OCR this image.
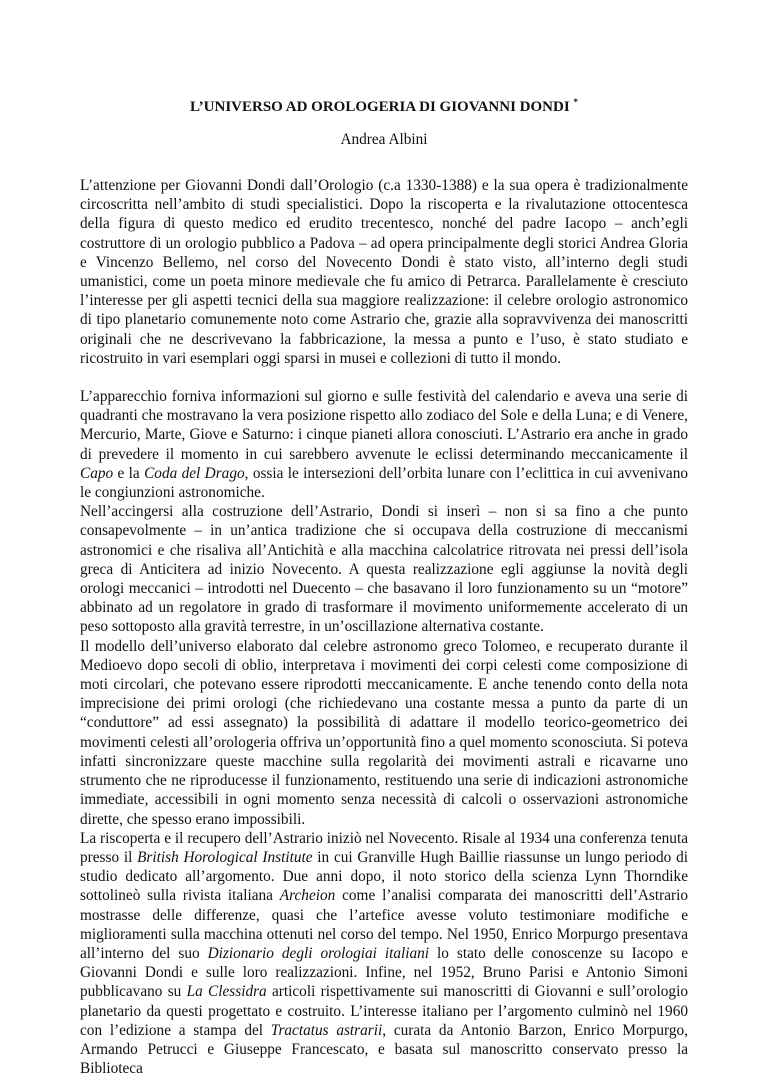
L’UNIVERSO AD OROLOGERIA DI GIOVANNI DONDI *
Andrea Albini

L’attenzione per Giovanni Dondi dall’Orologio (c.a 1330-1388) e la sua opera è tradizionalmente circoscritta nell’ambito di studi specialistici. Dopo la riscoperta e la rivalutazione ottocentesca della figura di questo medico ed erudito trecentesco, nonché del padre Iacopo – anch’egli costruttore di un orologio pubblico a Padova – ad opera principalmente degli storici Andrea Gloria e Vincenzo Bellemo, nel corso del Novecento Dondi è stato visto, all’interno degli studi umanistici, come un poeta minore medievale che fu amico di Petrarca. Parallelamente è cresciuto l’interesse per gli aspetti tecnici della sua maggiore realizzazione: il celebre orologio astronomico di tipo planetario comunemente noto come Astrario che, grazie alla sopravvivenza dei manoscritti originali che ne descrivevano la fabbricazione, la messa a punto e l’uso, è stato studiato e ricostruito in vari esemplari oggi sparsi in musei e collezioni di tutto il mondo.

L’apparecchio forniva informazioni sul giorno e sulle festività del calendario e aveva una serie di quadranti che mostravano la vera posizione rispetto allo zodiaco del Sole e della Luna; e di Venere, Mercurio, Marte, Giove e Saturno: i cinque pianeti allora conosciuti. L’Astrario era anche in grado di prevedere il momento in cui sarebbero avvenute le eclissi determinando meccanicamente il Capo e la Coda del Drago, ossia le intersezioni dell’orbita lunare con l’eclittica in cui avvenivano le congiunzioni astronomiche.

Nell’accingersi alla costruzione dell’Astrario, Dondi si inserì – non si sa fino a che punto consapevolmente – in un’antica tradizione che si occupava della costruzione di meccanismi astronomici e che risaliva all’Antichità e alla macchina calcolatrice ritrovata nei pressi dell’isola greca di Anticitera ad inizio Novecento. A questa realizzazione egli aggiunse la novità degli orologi meccanici – introdotti nel Duecento – che basavano il loro funzionamento su un “motore” abbinato ad un regolatore in grado di trasformare il movimento uniformemente accelerato di un peso sottoposto alla gravità terrestre, in un’oscillazione alternativa costante.

Il modello dell’universo elaborato dal celebre astronomo greco Tolomeo, e recuperato durante il Medioevo dopo secoli di oblio, interpretava i movimenti dei corpi celesti come composizione di moti circolari, che potevano essere riprodotti meccanicamente. E anche tenendo conto della nota imprecisione dei primi orologi (che richiedevano una costante messa a punto da parte di un “conduttore” ad essi assegnato) la possibilità di adattare il modello teorico-geometrico dei movimenti celesti all’orologeria offriva un’opportunità fino a quel momento sconosciuta. Si poteva infatti sincronizzare queste macchine sulla regolarità dei movimenti astrali e ricavarne uno strumento che ne riproducesse il funzionamento, restituendo una serie di indicazioni astronomiche immediate, accessibili in ogni momento senza necessità di calcoli o osservazioni astronomiche dirette, che spesso erano impossibili.

La riscoperta e il recupero dell’Astrario iniziò nel Novecento. Risale al 1934 una conferenza tenuta presso il British Horological Institute in cui Granville Hugh Baillie riassunse un lungo periodo di studio dedicato all’argomento. Due anni dopo, il noto storico della scienza Lynn Thorndike sottolineò sulla rivista italiana Archeion come l’analisi comparata dei manoscritti dell’Astrario mostrasse delle differenze, quasi che l’artefice avesse voluto testimoniare modifiche e miglioramenti sulla macchina ottenuti nel corso del tempo. Nel 1950, Enrico Morpurgo presentava all’interno del suo Dizionario degli orologiai italiani lo stato delle conoscenze su Iacopo e Giovanni Dondi e sulle loro realizzazioni. Infine, nel 1952, Bruno Parisi e Antonio Simoni pubblicavano su La Clessidra articoli rispettivamente sui manoscritti di Giovanni e sull’orologio planetario da questi progettato e costruito. L’interesse italiano per l’argomento culminò nel 1960 con l’edizione a stampa del Tractatus astrarii, curata da Antonio Barzon, Enrico Morpurgo, Armando Petrucci e Giuseppe Francescato, e basata sul manoscritto conservato presso la Biblioteca
